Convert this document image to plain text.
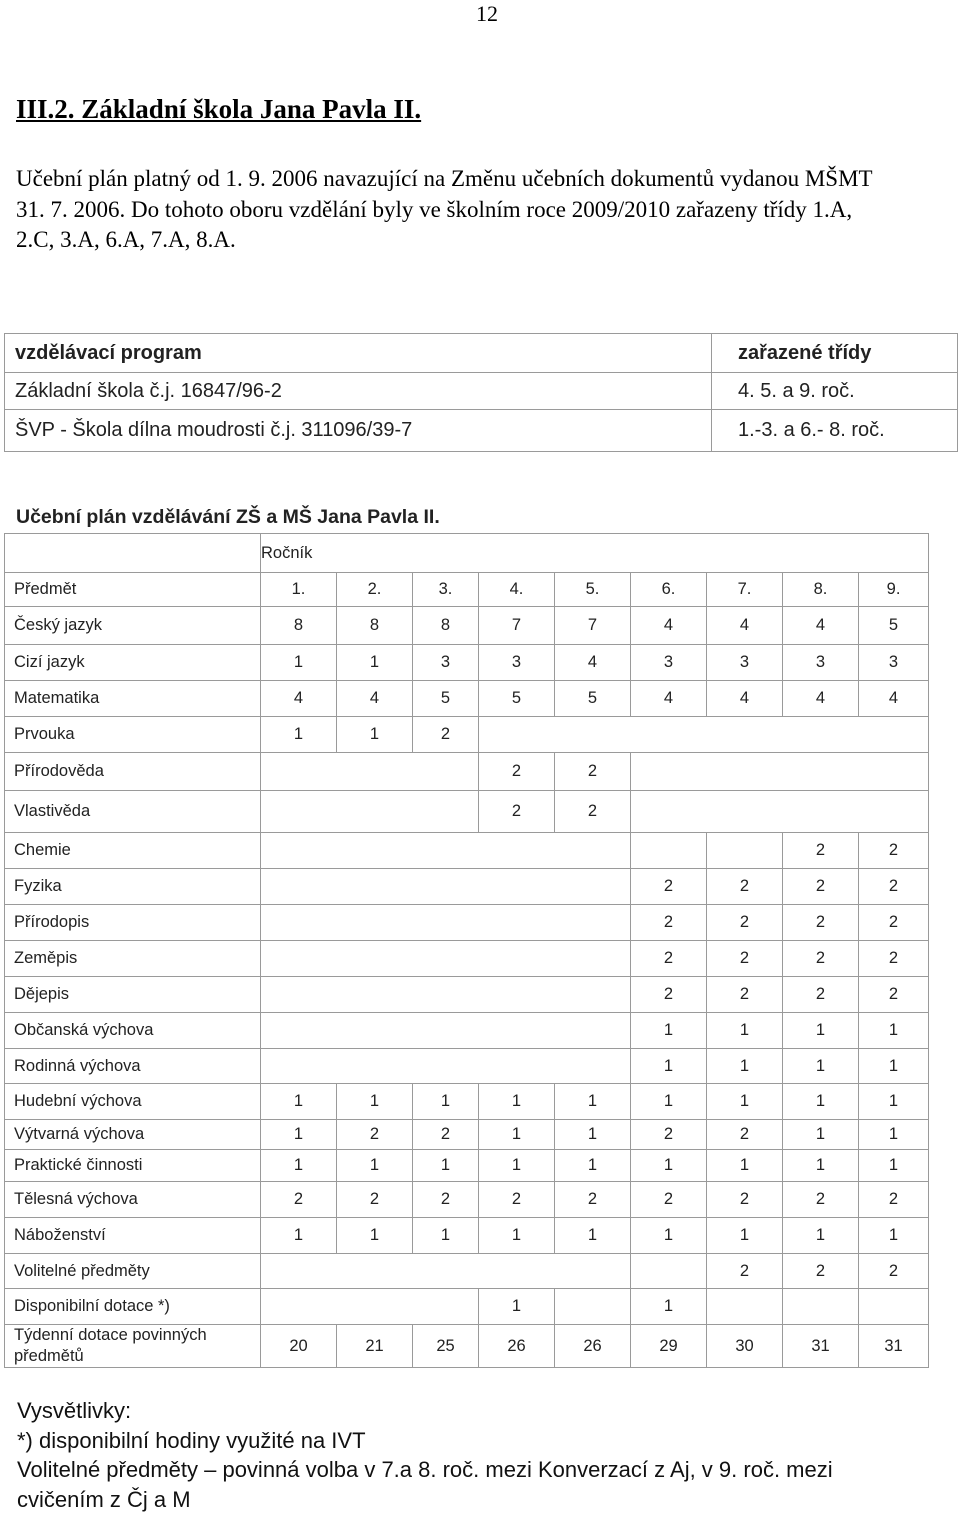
12
III.2. Základní škola Jana Pavla II.

Učební plán platný od 1. 9. 2006 navazující na Změnu učebních dokumentů vydanou MŠMT

31. 7. 2006. Do tohoto oboru vzdělání byly ve školním roce 2009/2010 zařazeny třídy 1.A,

2.C, 3.A, 6.A, 7.A, 8.A.

vzdělávací program	zařazené třídy
Základní škola č.j. 16847/96-2	4. 5. a 9. roč.
ŠVP - Škola dílna moudrosti č.j. 311096/39-7	1.-3. a 6.- 8. roč.
Učební plán vzdělávání ZŠ a MŠ Jana Pavla II.
	Ročník								
Předmět	1.	2.	3.	4.	5.	6.	7.	8.	9.
Český jazyk	8	8	8	7	7	4	4	4	5
Cizí jazyk	1	1	3	3	4	3	3	3	3
Matematika	4	4	5	5	5	4	4	4	4
Prvouka	1	1	2						
Přírodověda				2	2				
Vlastivěda				2	2				
Chemie								2	2
Fyzika						2	2	2	2
Přírodopis						2	2	2	2
Zeměpis						2	2	2	2
Dějepis						2	2	2	2
Občanská výchova						1	1	1	1
Rodinná výchova						1	1	1	1
Hudební výchova	1	1	1	1	1	1	1	1	1
Výtvarná výchova	1	2	2	1	1	2	2	1	1
Praktické činnosti	1	1	1	1	1	1	1	1	1
Tělesná výchova	2	2	2	2	2	2	2	2	2
Náboženství	1	1	1	1	1	1	1	1	1
Volitelné předměty							2	2	2
Disponibilní dotace *)				1		1			
Týdenní dotace povinných předmětů	20	21	25	26	26	29	30	31	31

Vysvětlivky:

*) disponibilní hodiny využité na IVT

Volitelné předměty – povinná volba v 7.a 8. roč. mezi Konverzací z Aj, v 9. roč. mezi

cvičením z Čj a M
